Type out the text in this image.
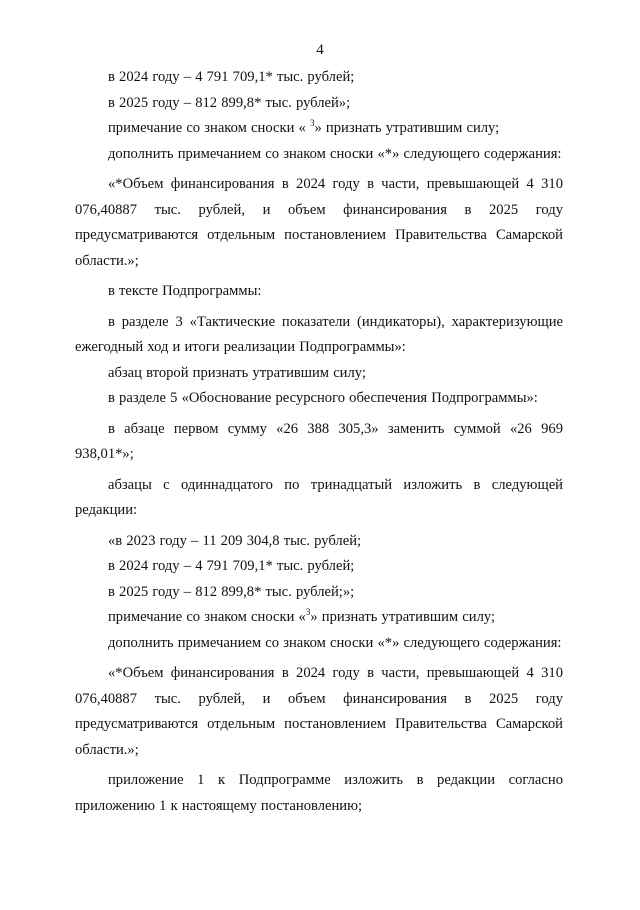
4

в 2024 году – 4 791 709,1* тыс. рублей;

в 2025 году – 812 899,8* тыс. рублей»;

примечание со знаком сноски « $^3$» признать утратившим силу;

дополнить примечанием со знаком сноски «*» следующего содержания:

«*Объем финансирования в 2024 году в части, превышающей 4 310 076,40887 тыс. рублей, и объем финансирования в 2025 году предусматриваются отдельным постановлением Правительства Самарской области.»;

в тексте Подпрограммы:

в разделе 3 «Тактические показатели (индикаторы), характеризующие ежегодный ход и итоги реализации Подпрограммы»:

абзац второй признать утратившим силу;

в разделе 5 «Обоснование ресурсного обеспечения Подпрограммы»:

в абзаце первом сумму «26 388 305,3» заменить суммой «26 969 938,01*»;

абзацы с одиннадцатого по тринадцатый изложить в следующей редакции:

«в 2023 году – 11 209 304,8 тыс. рублей;

в 2024 году – 4 791 709,1* тыс. рублей;

в 2025 году – 812 899,8* тыс. рублей;»;

примечание со знаком сноски «$^3$» признать утратившим силу;

дополнить примечанием со знаком сноски «*» следующего содержания:

«*Объем финансирования в 2024 году в части, превышающей 4 310 076,40887 тыс. рублей, и объем финансирования в 2025 году предусматриваются отдельным постановлением Правительства Самарской области.»;

приложение 1 к Подпрограмме изложить в редакции согласно приложению 1 к настоящему постановлению;
